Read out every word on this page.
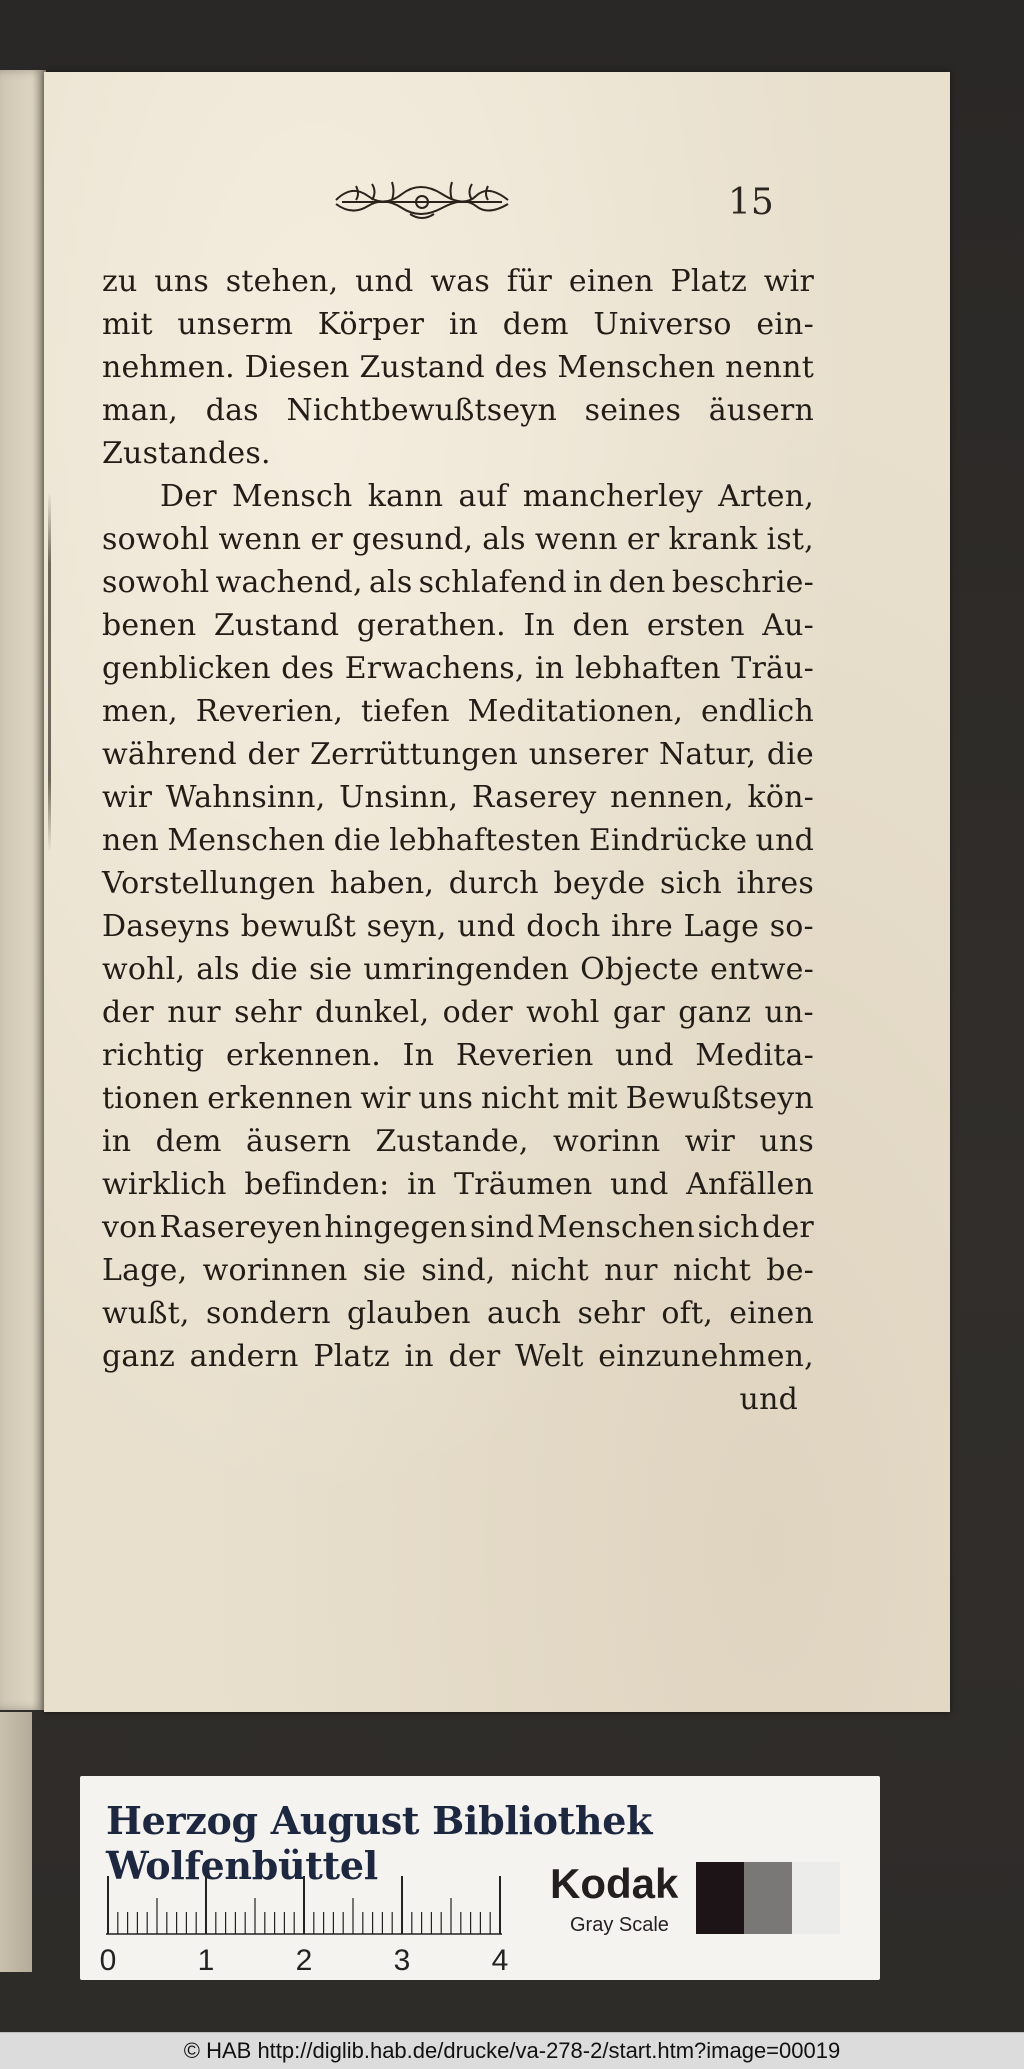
15

zu uns stehen, und was für einen Platz wir
mit unserm Körper in dem Universo ein-
nehmen. Diesen Zustand des Menschen nennt
man, das Nichtbewußtseyn seines äusern
Zustandes.
Der Mensch kann auf mancherley Arten,
sowohl wenn er gesund, als wenn er krank ist,
sowohl wachend, als schlafend in den beschrie-
benen Zustand gerathen. In den ersten Au-
genblicken des Erwachens, in lebhaften Träu-
men, Reverien, tiefen Meditationen, endlich
während der Zerrüttungen unserer Natur, die
wir Wahnsinn, Unsinn, Raserey nennen, kön-
nen Menschen die lebhaftesten Eindrücke und
Vorstellungen haben, durch beyde sich ihres
Daseyns bewußt seyn, und doch ihre Lage so-
wohl, als die sie umringenden Objecte entwe-
der nur sehr dunkel, oder wohl gar ganz un-
richtig erkennen. In Reverien und Medita-
tionen erkennen wir uns nicht mit Bewußtseyn
in dem äusern Zustande, worinn wir uns
wirklich befinden: in Träumen und Anfällen
von Rasereyen hingegen sind Menschen sich der
Lage, worinnen sie sind, nicht nur nicht be-
wußt, sondern glauben auch sehr oft, einen
ganz andern Platz in der Welt einzunehmen,
und

Herzog August Bibliothek Wolfenbüttel

0	1	2	3	4

Kodak

Gray Scale
© HAB http://diglib.hab.de/drucke/va-278-2/start.htm?image=00019
